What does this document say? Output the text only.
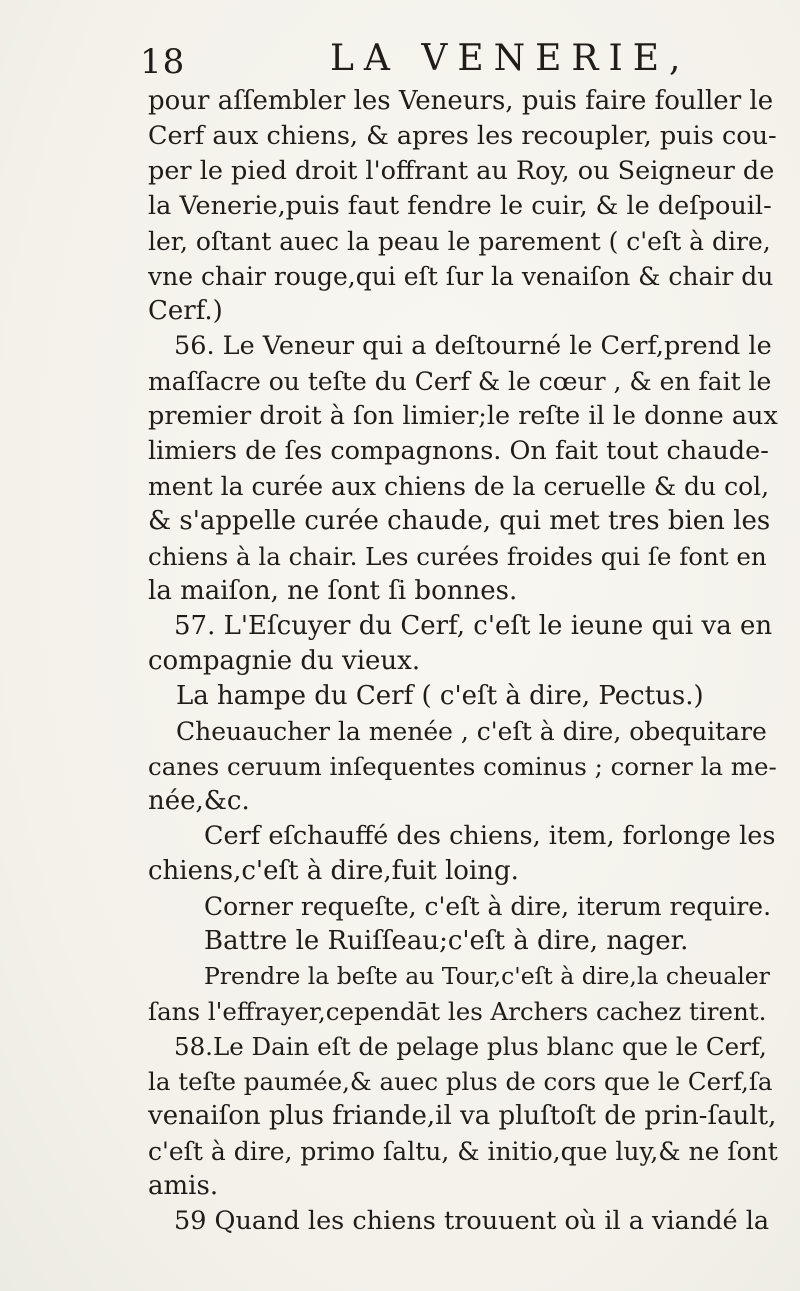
18	LA VENERIE,
pour aſſembler les Veneurs, puis faire fouller le
Cerf aux chiens, & apres les recoupler, puis cou-
per le pied droit l'offrant au Roy, ou Seigneur de
la Venerie,puis faut fendre le cuir, & le deſpouil-
ler, oſtant auec la peau le parement ( c'eſt à dire,
vne chair rouge,qui eſt ſur la venaiſon & chair du
Cerf.)
56. Le Veneur qui a deſtourné le Cerf,prend le
maſſacre ou teſte du Cerf & le cœur , & en fait le
premier droit à ſon limier;le reſte il le donne aux
limiers de ſes compagnons. On fait tout chaude-
ment la curée aux chiens de la ceruelle & du col,
& s'appelle curée chaude, qui met tres bien les
chiens à la chair. Les curées froides qui ſe font en
la maiſon, ne ſont ſi bonnes.
57. L'Eſcuyer du Cerf, c'eſt le ieune qui va en
compagnie du vieux.
La hampe du Cerf ( c'eſt à dire, Pectus.)
Cheuaucher la menée , c'eſt à dire, obequitare
canes ceruum inſequentes cominus ; corner la me-
née,&c.
Cerf eſchauffé des chiens, item, forlonge les
chiens,c'eſt à dire,fuit loing.
Corner requeſte, c'eſt à dire, iterum require.
Battre le Ruiſſeau;c'eſt à dire, nager.
Prendre la beſte au Tour,c'eſt à dire,la cheualer
ſans l'effrayer,cependāt les Archers cachez tirent.
58.Le Dain eſt de pelage plus blanc que le Cerf,
la teſte paumée,& auec plus de cors que le Cerf,ſa
venaiſon plus friande,il va pluſtoſt de prin-ſault,
c'eſt à dire, primo ſaltu, & initio,que luy,& ne ſont
amis.
59 Quand les chiens trouuent où il a viandé la
